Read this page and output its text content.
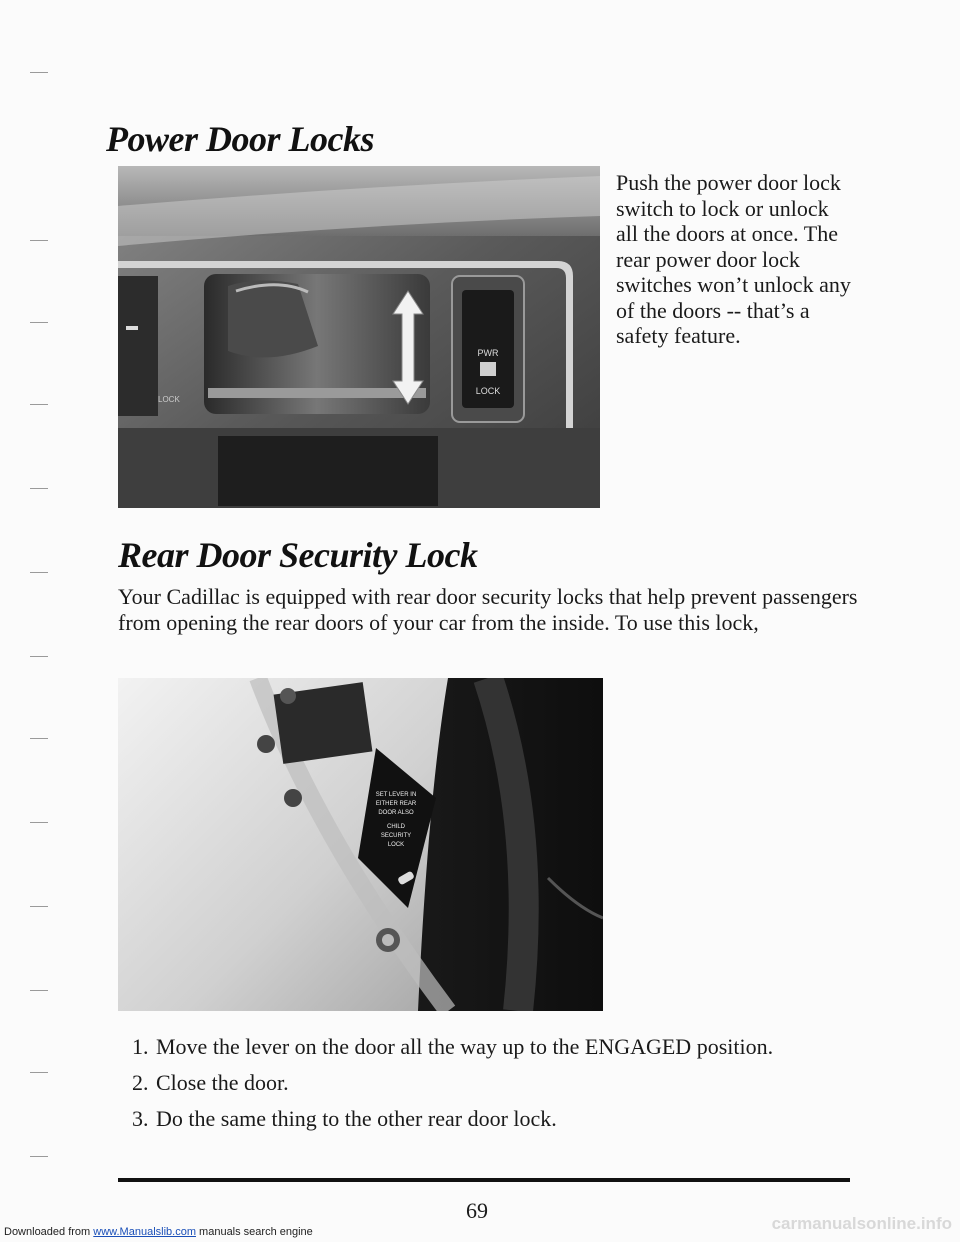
Power Door Locks
PWR
LOCK
LOCK
Push the power door lock switch to lock or unlock all the doors at once. The rear power door lock switches won’t unlock any of the doors -- that’s a safety feature.
Rear Door Security Lock
Your Cadillac is equipped with rear door security locks that help prevent passengers from opening the rear doors of your car from the inside. To use this lock,
SET LEVER IN
EITHER REAR
DOOR ALSO
CHILD
SECURITY
LOCK
1. Move the lever on the door all the way up to the ENGAGED position.
2. Close the door.
3. Do the same thing to the other rear door lock.
69
Downloaded from www.Manualslib.com manuals search engine	carmanualsonline.info
